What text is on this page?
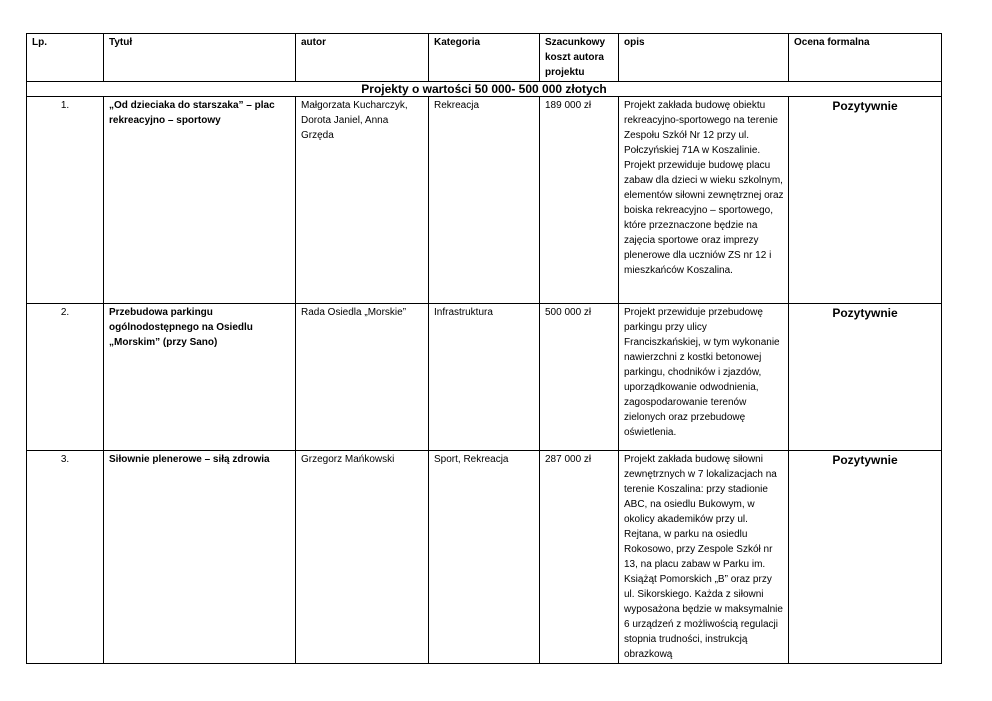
Lp.	Tytuł	autor	Kategoria	Szacunkowy koszt autora projektu	opis	Ocena formalna
Projekty o wartości 50 000- 500 000 złotych						
1.	„Od dzieciaka do starszaka” – plac rekreacyjno – sportowy	Małgorzata Kucharczyk, Dorota Janiel, Anna Grzęda	Rekreacja	189 000 zł	Projekt zakłada budowę obiektu rekreacyjno-sportowego na terenie Zespołu Szkół Nr 12 przy ul. Połczyńskiej 71A w Koszalinie. Projekt przewiduje budowę placu zabaw dla dzieci w wieku szkolnym, elementów siłowni zewnętrznej oraz boiska rekreacyjno – sportowego, które przeznaczone będzie na zajęcia sportowe oraz imprezy plenerowe dla uczniów ZS nr 12 i mieszkańców Koszalina.	Pozytywnie
2.	Przebudowa parkingu ogólnodostępnego na Osiedlu „Morskim” (przy Sano)	Rada Osiedla „Morskie”	Infrastruktura	500 000 zł	Projekt przewiduje przebudowę parkingu przy ulicy Franciszkańskiej, w tym wykonanie nawierzchni z kostki betonowej parkingu, chodników i zjazdów, uporządkowanie odwodnienia, zagospodarowanie terenów zielonych oraz przebudowę oświetlenia.	Pozytywnie
3.	Siłownie plenerowe – siłą zdrowia	Grzegorz Mańkowski	Sport, Rekreacja	287 000 zł	Projekt zakłada budowę siłowni zewnętrznych w 7 lokalizacjach na terenie Koszalina: przy stadionie ABC, na osiedlu Bukowym, w okolicy akademików przy ul. Rejtana, w parku na osiedlu Rokosowo, przy Zespole Szkół nr 13, na placu zabaw w Parku im. Książąt Pomorskich „B” oraz przy ul. Sikorskiego. Każda z siłowni wyposażona będzie w maksymalnie 6 urządzeń z możliwością regulacji stopnia trudności, instrukcją obrazkową	Pozytywnie
